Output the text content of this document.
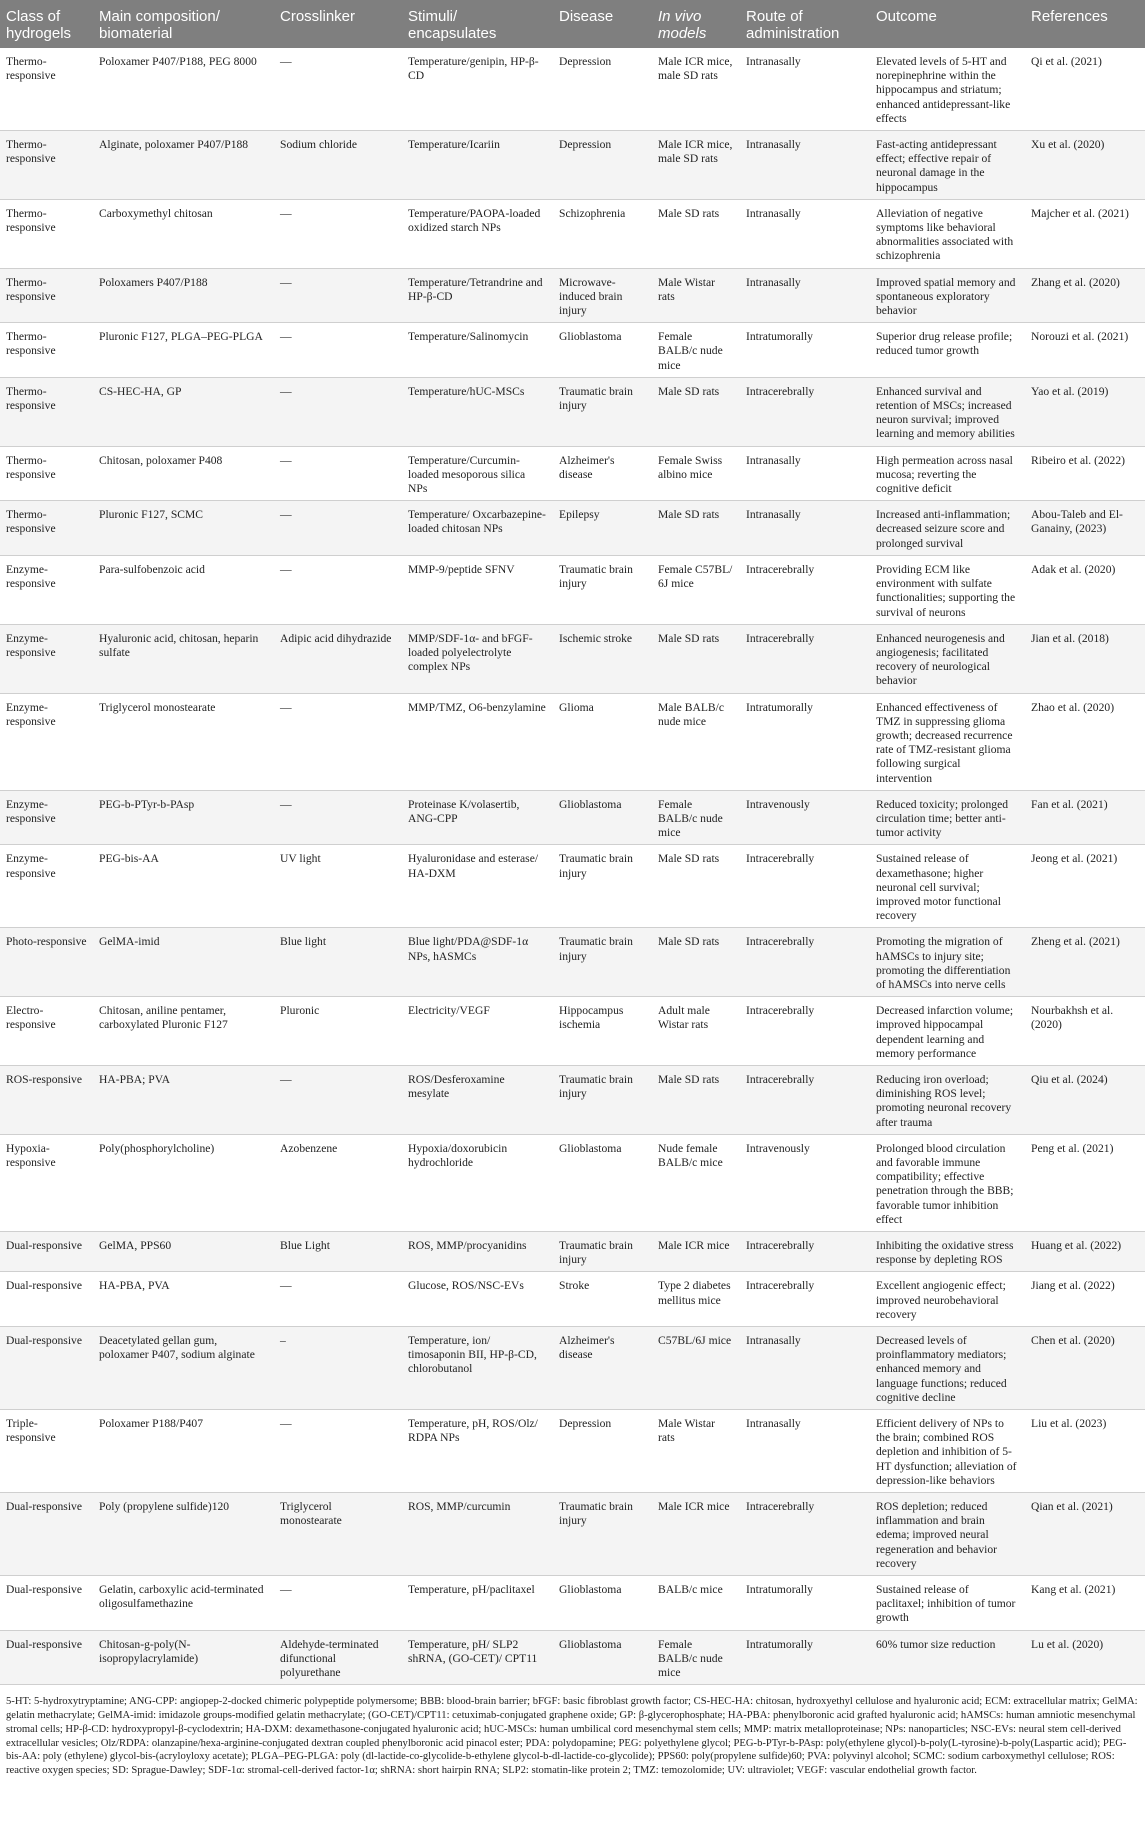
Class of hydrogels	Main composition/ biomaterial	Crosslinker	Stimuli/ encapsulates	Disease	In vivo models	Route of administration	Outcome	References
Thermo-responsive	Poloxamer P407/P188, PEG 8000	—	Temperature/genipin, HP-β-CD	Depression	Male ICR mice, male SD rats	Intranasally	Elevated levels of 5-HT and norepinephrine within the hippocampus and striatum; enhanced antidepressant-like effects	Qi et al. (2021)
Thermo-responsive	Alginate, poloxamer P407/P188	Sodium chloride	Temperature/Icariin	Depression	Male ICR mice, male SD rats	Intranasally	Fast-acting antidepressant effect; effective repair of neuronal damage in the hippocampus	Xu et al. (2020)
Thermo-responsive	Carboxymethyl chitosan	—	Temperature/PAOPA-loaded oxidized starch NPs	Schizophrenia	Male SD rats	Intranasally	Alleviation of negative symptoms like behavioral abnormalities associated with schizophrenia	Majcher et al. (2021)
Thermo-responsive	Poloxamers P407/P188	—	Temperature/Tetrandrine and HP-β-CD	Microwave-induced brain injury	Male Wistar rats	Intranasally	Improved spatial memory and spontaneous exploratory behavior	Zhang et al. (2020)
Thermo-responsive	Pluronic F127, PLGA–PEG-PLGA	—	Temperature/Salinomycin	Glioblastoma	Female BALB/c nude mice	Intratumorally	Superior drug release profile; reduced tumor growth	Norouzi et al. (2021)
Thermo-responsive	CS-HEC-HA, GP	—	Temperature/hUC-MSCs	Traumatic brain injury	Male SD rats	Intracerebrally	Enhanced survival and retention of MSCs; increased neuron survival; improved learning and memory abilities	Yao et al. (2019)
Thermo-responsive	Chitosan, poloxamer P408	—	Temperature/Curcumin-loaded mesoporous silica NPs	Alzheimer's disease	Female Swiss albino mice	Intranasally	High permeation across nasal mucosa; reverting the cognitive deficit	Ribeiro et al. (2022)
Thermo-responsive	Pluronic F127, SCMC	—	Temperature/ Oxcarbazepine-loaded chitosan NPs	Epilepsy	Male SD rats	Intranasally	Increased anti-inflammation; decreased seizure score and prolonged survival	Abou-Taleb and El-Ganainy, (2023)
Enzyme-responsive	Para-sulfobenzoic acid	—	MMP-9/peptide SFNV	Traumatic brain injury	Female C57BL/ 6J mice	Intracerebrally	Providing ECM like environment with sulfate functionalities; supporting the survival of neurons	Adak et al. (2020)
Enzyme-responsive	Hyaluronic acid, chitosan, heparin sulfate	Adipic acid dihydrazide	MMP/SDF-1α- and bFGF-loaded polyelectrolyte complex NPs	Ischemic stroke	Male SD rats	Intracerebrally	Enhanced neurogenesis and angiogenesis; facilitated recovery of neurological behavior	Jian et al. (2018)
Enzyme-responsive	Triglycerol monostearate	—	MMP/TMZ, O6-benzylamine	Glioma	Male BALB/c nude mice	Intratumorally	Enhanced effectiveness of TMZ in suppressing glioma growth; decreased recurrence rate of TMZ-resistant glioma following surgical intervention	Zhao et al. (2020)
Enzyme-responsive	PEG-b-PTyr-b-PAsp	—	Proteinase K/volasertib, ANG-CPP	Glioblastoma	Female BALB/c nude mice	Intravenously	Reduced toxicity; prolonged circulation time; better anti-tumor activity	Fan et al. (2021)
Enzyme-responsive	PEG-bis-AA	UV light	Hyaluronidase and esterase/ HA-DXM	Traumatic brain injury	Male SD rats	Intracerebrally	Sustained release of dexamethasone; higher neuronal cell survival; improved motor functional recovery	Jeong et al. (2021)
Photo-responsive	GelMA-imid	Blue light	Blue light/PDA@SDF-1α NPs, hASMCs	Traumatic brain injury	Male SD rats	Intracerebrally	Promoting the migration of hAMSCs to injury site; promoting the differentiation of hAMSCs into nerve cells	Zheng et al. (2021)
Electro-responsive	Chitosan, aniline pentamer, carboxylated Pluronic F127	Pluronic	Electricity/VEGF	Hippocampus ischemia	Adult male Wistar rats	Intracerebrally	Decreased infarction volume; improved hippocampal dependent learning and memory performance	Nourbakhsh et al. (2020)
ROS-responsive	HA-PBA; PVA	—	ROS/Desferoxamine mesylate	Traumatic brain injury	Male SD rats	Intracerebrally	Reducing iron overload; diminishing ROS level; promoting neuronal recovery after trauma	Qiu et al. (2024)
Hypoxia-responsive	Poly(phosphorylcholine)	Azobenzene	Hypoxia/doxorubicin hydrochloride	Glioblastoma	Nude female BALB/c mice	Intravenously	Prolonged blood circulation and favorable immune compatibility; effective penetration through the BBB; favorable tumor inhibition effect	Peng et al. (2021)
Dual-responsive	GelMA, PPS60	Blue Light	ROS, MMP/procyanidins	Traumatic brain injury	Male ICR mice	Intracerebrally	Inhibiting the oxidative stress response by depleting ROS	Huang et al. (2022)
Dual-responsive	HA-PBA, PVA	—	Glucose, ROS/NSC-EVs	Stroke	Type 2 diabetes mellitus mice	Intracerebrally	Excellent angiogenic effect; improved neurobehavioral recovery	Jiang et al. (2022)
Dual-responsive	Deacetylated gellan gum, poloxamer P407, sodium alginate	–	Temperature, ion/ timosaponin BII, HP-β-CD, chlorobutanol	Alzheimer's disease	C57BL/6J mice	Intranasally	Decreased levels of proinflammatory mediators; enhanced memory and language functions; reduced cognitive decline	Chen et al. (2020)
Triple-responsive	Poloxamer P188/P407	—	Temperature, pH, ROS/Olz/ RDPA NPs	Depression	Male Wistar rats	Intranasally	Efficient delivery of NPs to the brain; combined ROS depletion and inhibition of 5-HT dysfunction; alleviation of depression-like behaviors	Liu et al. (2023)
Dual-responsive	Poly (propylene sulfide)120	Triglycerol monostearate	ROS, MMP/curcumin	Traumatic brain injury	Male ICR mice	Intracerebrally	ROS depletion; reduced inflammation and brain edema; improved neural regeneration and behavior recovery	Qian et al. (2021)
Dual-responsive	Gelatin, carboxylic acid-terminated oligosulfamethazine	—	Temperature, pH/paclitaxel	Glioblastoma	BALB/c mice	Intratumorally	Sustained release of paclitaxel; inhibition of tumor growth	Kang et al. (2021)
Dual-responsive	Chitosan-g-poly(N-isopropylacrylamide)	Aldehyde-terminated difunctional polyurethane	Temperature, pH/ SLP2 shRNA, (GO-CET)/ CPT11	Glioblastoma	Female BALB/c nude mice	Intratumorally	60% tumor size reduction	Lu et al. (2020)
5-HT: 5-hydroxytryptamine; ANG-CPP: angiopep-2-docked chimeric polypeptide polymersome; BBB: blood-brain barrier; bFGF: basic fibroblast growth factor; CS-HEC-HA: chitosan, hydroxyethyl cellulose and hyaluronic acid; ECM: extracellular matrix; GelMA: gelatin methacrylate; GelMA-imid: imidazole groups-modified gelatin methacrylate; (GO-CET)/CPT11: cetuximab-conjugated graphene oxide; GP: β-glycerophosphate; HA-PBA: phenylboronic acid grafted hyaluronic acid; hAMSCs: human amniotic mesenchymal stromal cells; HP-β-CD: hydroxypropyl-β-cyclodextrin; HA-DXM: dexamethasone-conjugated hyaluronic acid; hUC-MSCs: human umbilical cord mesenchymal stem cells; MMP: matrix metalloproteinase; NPs: nanoparticles; NSC-EVs: neural stem cell-derived extracellular vesicles; Olz/RDPA: olanzapine/hexa-arginine-conjugated dextran coupled phenylboronic acid pinacol ester; PDA: polydopamine; PEG: polyethylene glycol; PEG-b-PTyr-b-PAsp: poly(ethylene glycol)-b-poly(L-tyrosine)-b-poly(Laspartic acid); PEG-bis-AA: poly (ethylene) glycol-bis-(acryloyloxy acetate); PLGA–PEG-PLGA: poly (dl-lactide-co-glycolide-b-ethylene glycol-b-dl-lactide-co-glycolide); PPS60: poly(propylene sulfide)60; PVA: polyvinyl alcohol; SCMC: sodium carboxymethyl cellulose; ROS: reactive oxygen species; SD: Sprague-Dawley; SDF-1α: stromal-cell-derived factor-1α; shRNA: short hairpin RNA; SLP2: stomatin-like protein 2; TMZ: temozolomide; UV: ultraviolet; VEGF: vascular endothelial growth factor.
